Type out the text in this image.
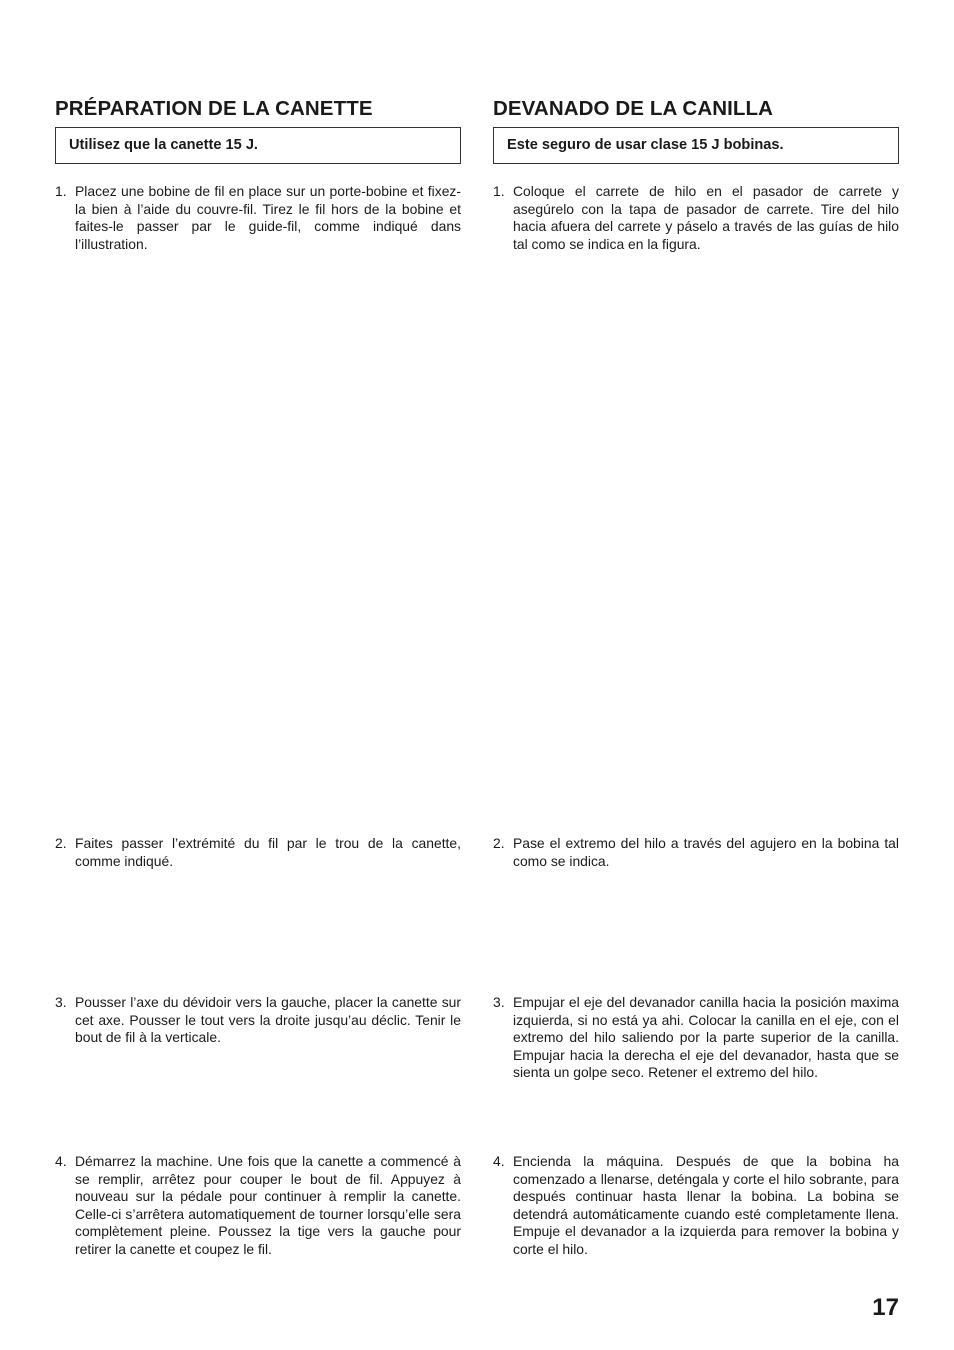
PRÉPARATION DE LA CANETTE
Utilisez que la canette 15 J.
1. Placez une bobine de fil en place sur un porte-bobine et fixez-la bien à l’aide du couvre-fil. Tirez le fil hors de la bobine et faites-le passer par le guide-fil, comme indiqué dans l’illustration.
2. Faites passer l’extrémité du fil par le trou de la canette, comme indiqué.
3. Pousser l’axe du dévidoir vers la gauche, placer la canette sur cet axe. Pousser le tout vers la droite jusqu’au déclic. Tenir le bout de fil à la verticale.
4. Démarrez la machine. Une fois que la canette a commencé à se remplir, arrêtez pour couper le bout de fil. Appuyez à nouveau sur la pédale pour continuer à remplir la canette. Celle-ci s’arrêtera automatiquement de tourner lorsqu’elle sera complètement pleine. Poussez la tige vers la gauche pour retirer la canette et coupez le fil.
DEVANADO DE LA CANILLA
Este seguro de usar clase 15 J bobinas.
1. Coloque el carrete de hilo en el pasador de carrete y asegúrelo con la tapa de pasador de carrete. Tire del hilo hacia afuera del carrete y páselo a través de las guías de hilo tal como se indica en la figura.
2. Pase el extremo del hilo a través del agujero en la bobina tal como se indica.
3. Empujar el eje del devanador canilla hacia la posición maxima izquierda, si no está ya ahi. Colocar la canilla en el eje, con el extremo del hilo saliendo por la parte superior de la canilla. Empujar hacia la derecha el eje del devanador, hasta que se sienta un golpe seco. Retener el extremo del hilo.
4. Encienda la máquina. Después de que la bobina ha comenzado a llenarse, deténgala y corte el hilo sobrante, para después continuar hasta llenar la bobina. La bobina se detendrá automáticamente cuando esté completamente llena. Empuje el devanador a la izquierda para remover la bobina y corte el hilo.
17
